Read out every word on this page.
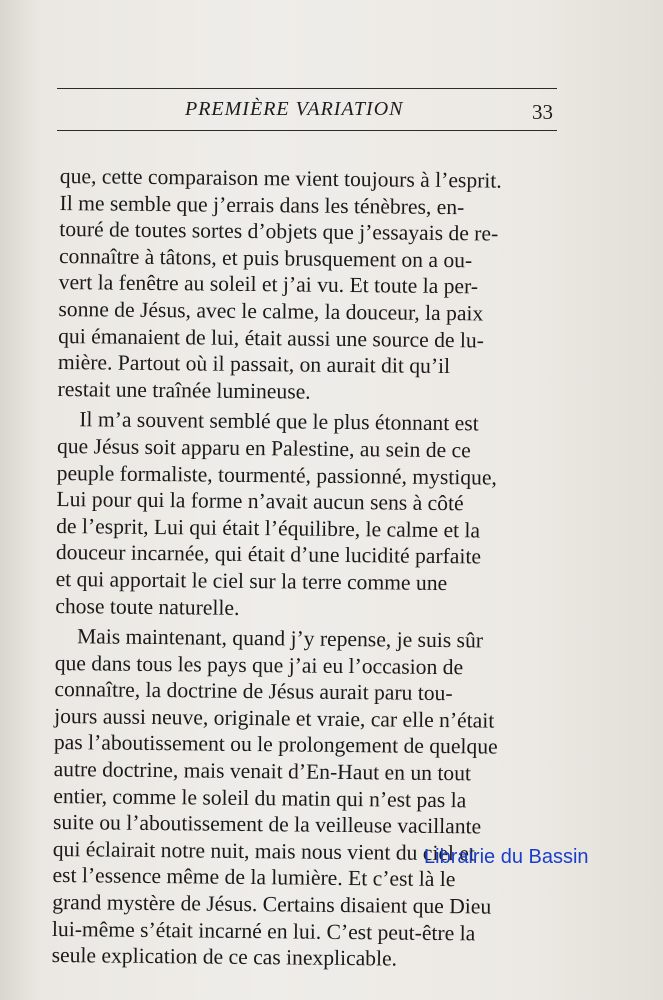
PREMIÈRE VARIATION	33
que, cette comparaison me vient toujours à l’esprit.
Il me semble que j’errais dans les ténèbres, en-
touré de toutes sortes d’objets que j’essayais de re-
connaître à tâtons, et puis brusquement on a ou-
vert la fenêtre au soleil et j’ai vu. Et toute la per-
sonne de Jésus, avec le calme, la douceur, la paix
qui émanaient de lui, était aussi une source de lu-
mière. Partout où il passait, on aurait dit qu’il
restait une traînée lumineuse.
Il m’a souvent semblé que le plus étonnant est
que Jésus soit apparu en Palestine, au sein de ce
peuple formaliste, tourmenté, passionné, mystique,
Lui pour qui la forme n’avait aucun sens à côté
de l’esprit, Lui qui était l’équilibre, le calme et la
douceur incarnée, qui était d’une lucidité parfaite
et qui apportait le ciel sur la terre comme une
chose toute naturelle.
Mais maintenant, quand j’y repense, je suis sûr
que dans tous les pays que j’ai eu l’occasion de
connaître, la doctrine de Jésus aurait paru tou-
jours aussi neuve, originale et vraie, car elle n’était
pas l’aboutissement ou le prolongement de quelque
autre doctrine, mais venait d’En-Haut en un tout
entier, comme le soleil du matin qui n’est pas la
suite ou l’aboutissement de la veilleuse vacillante
qui éclairait notre nuit, mais nous vient du ciel et
est l’essence même de la lumière. Et c’est là le
grand mystère de Jésus. Certains disaient que Dieu
lui-même s’était incarné en lui. C’est peut-être la
seule explication de ce cas inexplicable.
Librairie du Bassin
